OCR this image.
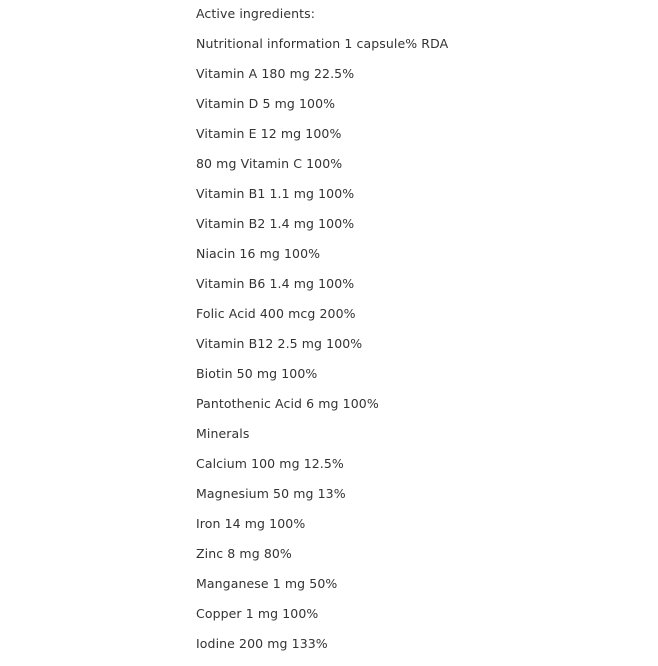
Active ingredients:
Nutritional information 1 capsule% RDA
Vitamin A 180 mg 22.5%
Vitamin D 5 mg 100%
Vitamin E 12 mg 100%
80 mg Vitamin C 100%
Vitamin B1 1.1 mg 100%
Vitamin B2 1.4 mg 100%
Niacin 16 mg 100%
Vitamin B6 1.4 mg 100%
Folic Acid 400 mcg 200%
Vitamin B12 2.5 mg 100%
Biotin 50 mg 100%
Pantothenic Acid 6 mg 100%
Minerals
Calcium 100 mg 12.5%
Magnesium 50 mg 13%
Iron 14 mg 100%
Zinc 8 mg 80%
Manganese 1 mg 50%
Copper 1 mg 100%
Iodine 200 mg 133%
